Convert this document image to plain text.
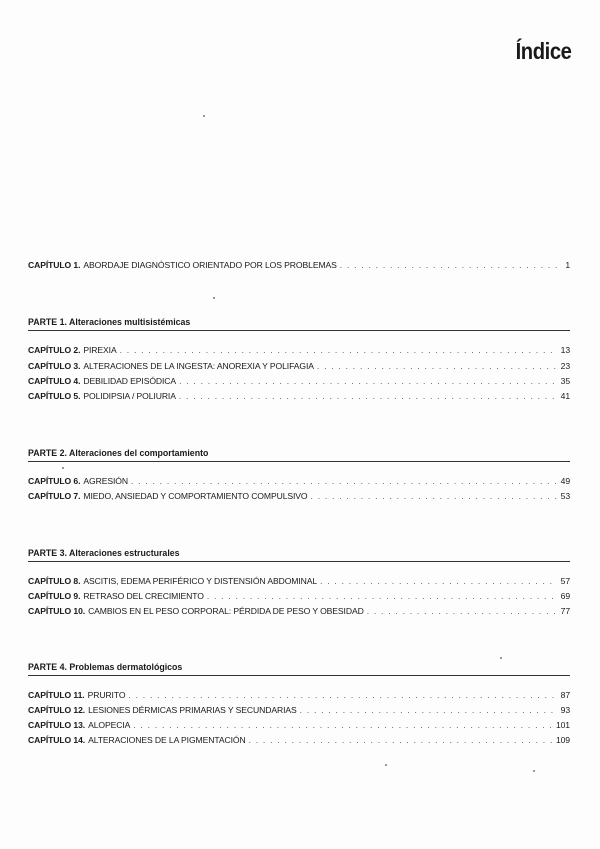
Índice
CAPÍTULO 1. ABORDAJE DIAGNÓSTICO ORIENTADO POR LOS PROBLEMAS . . .	1
PARTE 1. Alteraciones multisistémicas
CAPÍTULO 2. PIREXIA . . .	13
CAPÍTULO 3. ALTERACIONES DE LA INGESTA: ANOREXIA Y POLIFAGIA . . .	23
CAPÍTULO 4. DEBILIDAD EPISÓDICA . . .	35
CAPÍTULO 5. POLIDIPSIA / POLIURIA . . .	41
PARTE 2. Alteraciones del comportamiento
CAPÍTULO 6. AGRESIÓN . . .	49
CAPÍTULO 7. MIEDO, ANSIEDAD Y COMPORTAMIENTO COMPULSIVO . . .	53
PARTE 3. Alteraciones estructurales
CAPÍTULO 8. ASCITIS, EDEMA PERIFÉRICO Y DISTENSIÓN ABDOMINAL . . .	57
CAPÍTULO 9. RETRASO DEL CRECIMIENTO . . .	69
CAPÍTULO 10. CAMBIOS EN EL PESO CORPORAL: PÉRDIDA DE PESO Y OBESIDAD . . .	77
PARTE 4. Problemas dermatológicos
CAPÍTULO 11. PRURITO . . .	87
CAPÍTULO 12. LESIONES DÉRMICAS PRIMARIAS Y SECUNDARIAS . . .	93
CAPÍTULO 13. ALOPECIA . . .	101
CAPÍTULO 14. ALTERACIONES DE LA PIGMENTACIÓN . . .	109
